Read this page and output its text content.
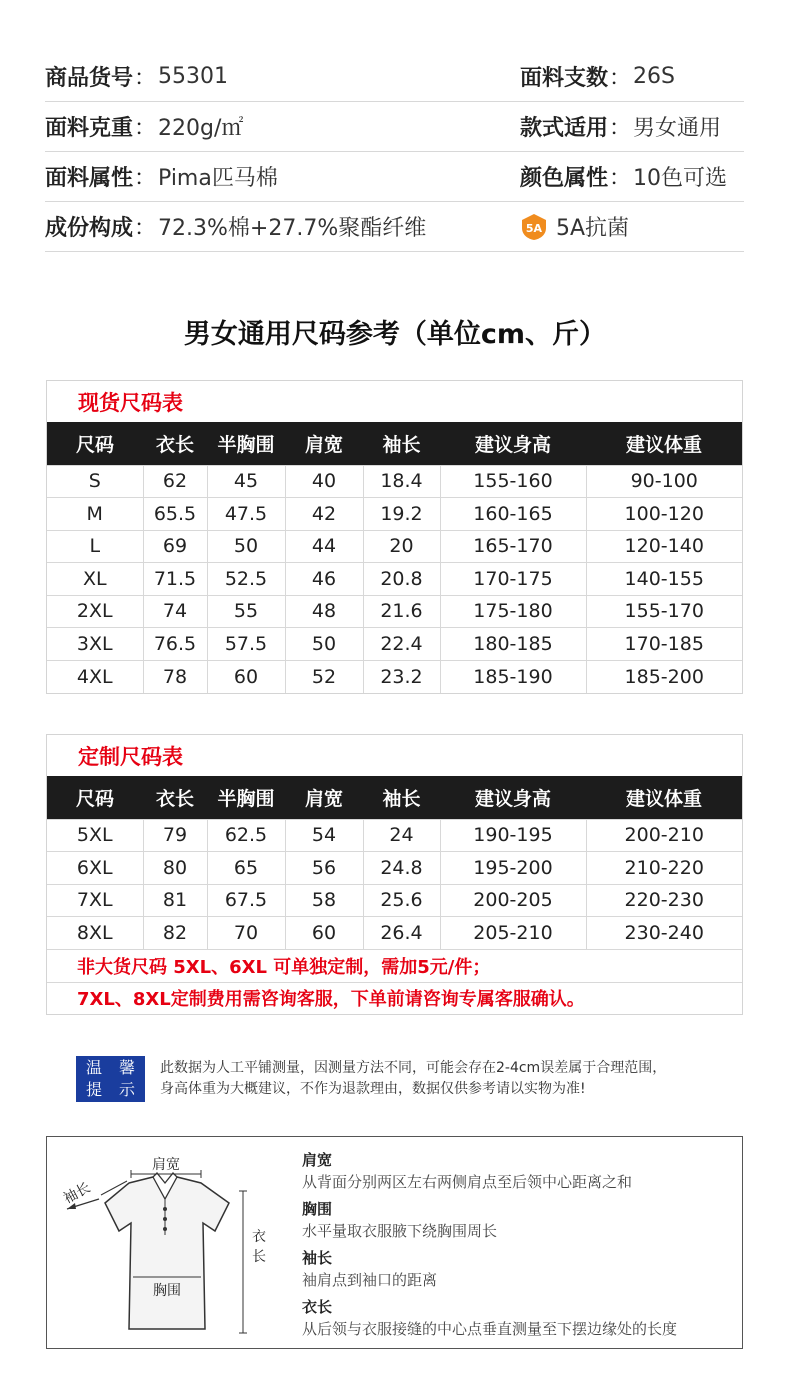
商品货号 ： 55301	面料支数 ： 26S
面料克重 ： 220g/㎡	款式适用 ： 男女通用
面料属性 ： Pima匹马棉	颜色属性 ： 10色可选
成份构成 ： 72.3%棉+27.7%聚酯纤维	5A 5A抗菌
男女通用尺码参考（单位cm、斤）
现货尺码表
尺码	衣长	半胸围	肩宽	袖长	建议身高	建议体重
S	62	45	40	18.4	155-160	90-100
M	65.5	47.5	42	19.2	160-165	100-120
L	69	50	44	20	165-170	120-140
XL	71.5	52.5	46	20.8	170-175	140-155
2XL	74	55	48	21.6	175-180	155-170
3XL	76.5	57.5	50	22.4	180-185	170-185
4XL	78	60	52	23.2	185-190	185-200
定制尺码表
尺码	衣长	半胸围	肩宽	袖长	建议身高	建议体重
5XL	79	62.5	54	24	190-195	200-210
6XL	80	65	56	24.8	195-200	210-220
7XL	81	67.5	58	25.6	200-205	220-230
8XL	82	70	60	26.4	205-210	230-240
非大货尺码 5XL、6XL 可单独定制，需加5元/件；
7XL、8XL定制费用需咨询客服，下单前请咨询专属客服确认。
温 馨
提 示
此数据为人工平铺测量，因测量方法不同，可能会存在2-4cm误差属于合理范围，
身高体重为大概建议，不作为退款理由，数据仅供参考请以实物为准!
肩宽
袖长
胸围
衣
长
肩宽
从背面分别两区左右两侧肩点至后领中心距离之和
胸围
水平量取衣服腋下绕胸围周长
袖长
袖肩点到袖口的距离
衣长
从后领与衣服接缝的中心点垂直测量至下摆边缘处的长度
